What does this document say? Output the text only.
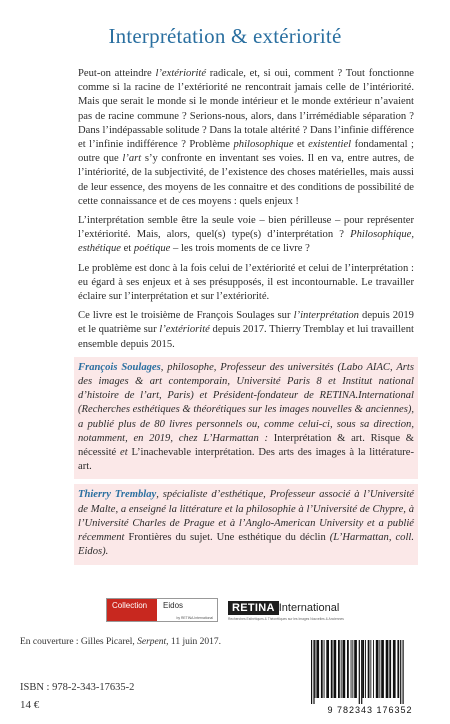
Interprétation & extériorité

Peut-on atteindre l’extériorité radicale, et, si oui, comment ? Tout fonctionne comme si la racine de l’extériorité ne rencontrait jamais celle de l’intériorité. Mais que serait le monde si le monde intérieur et le monde extérieur n’avaient pas de racine commune ? Serions-nous, alors, dans l’irrémédiable séparation ? Dans l’indépassable solitude ? Dans la totale altérité ? Dans l’infinie différence et l’infinie indifférence ? Problème philosophique et existentiel fondamental ; outre que l’art s’y confronte en inventant ses voies. Il en va, entre autres, de l’intériorité, de la subjectivité, de l’existence des choses matérielles, mais aussi de leur essence, des moyens de les connaitre et des conditions de possibilité de cette connaissance et de ces moyens : quels enjeux !

L’interprétation semble être la seule voie – bien périlleuse – pour représenter l’extériorité. Mais, alors, quel(s) type(s) d’interprétation ? Philosophique, esthétique et poétique – les trois moments de ce livre ?

Le problème est donc à la fois celui de l’extériorité et celui de l’interprétation : eu égard à ses enjeux et à ses présupposés, il est incontournable. Le travailler éclaire sur l’interprétation et sur l’extériorité.

Ce livre est le troisième de François Soulages sur l’interprétation depuis 2019 et le quatrième sur l’extériorité depuis 2017. Thierry Tremblay et lui travaillent ensemble depuis 2015.

François Soulages, philosophe, Professeur des universités (Labo AIAC, Arts des images & art contemporain, Université Paris 8 et Institut national d’histoire de l’art, Paris) et Président-fondateur de RETINA.International (Recherches esthétiques & théorétiques sur les images nouvelles & anciennes), a publié plus de 80 livres personnels ou, comme celui-ci, sous sa direction, notamment, en 2019, chez L’Harmattan : Interprétation & art. Risque & nécessité et L’inachevable interprétation. Des arts des images à la littérature-art.

Thierry Tremblay, spécialiste d’esthétique, Professeur associé à l’Université de Malte, a enseigné la littérature et la philosophie à l’Université de Chypre, à l’Université Charles de Prague et à l’Anglo-American University et a publié récemment Frontières du sujet. Une esthétique du déclin (L’Harmattan, coll. Eidos).

Collection	Eidos
by RETINA.International
RETINA International
Recherches Esthétiques & Théorétiques sur les Images Nouvelles & Anciennes
En couverture : Gilles Picarel, Serpent, 11 juin 2017.
ISBN : 978-2-343-17635-2
14 €	9 782343 176352
